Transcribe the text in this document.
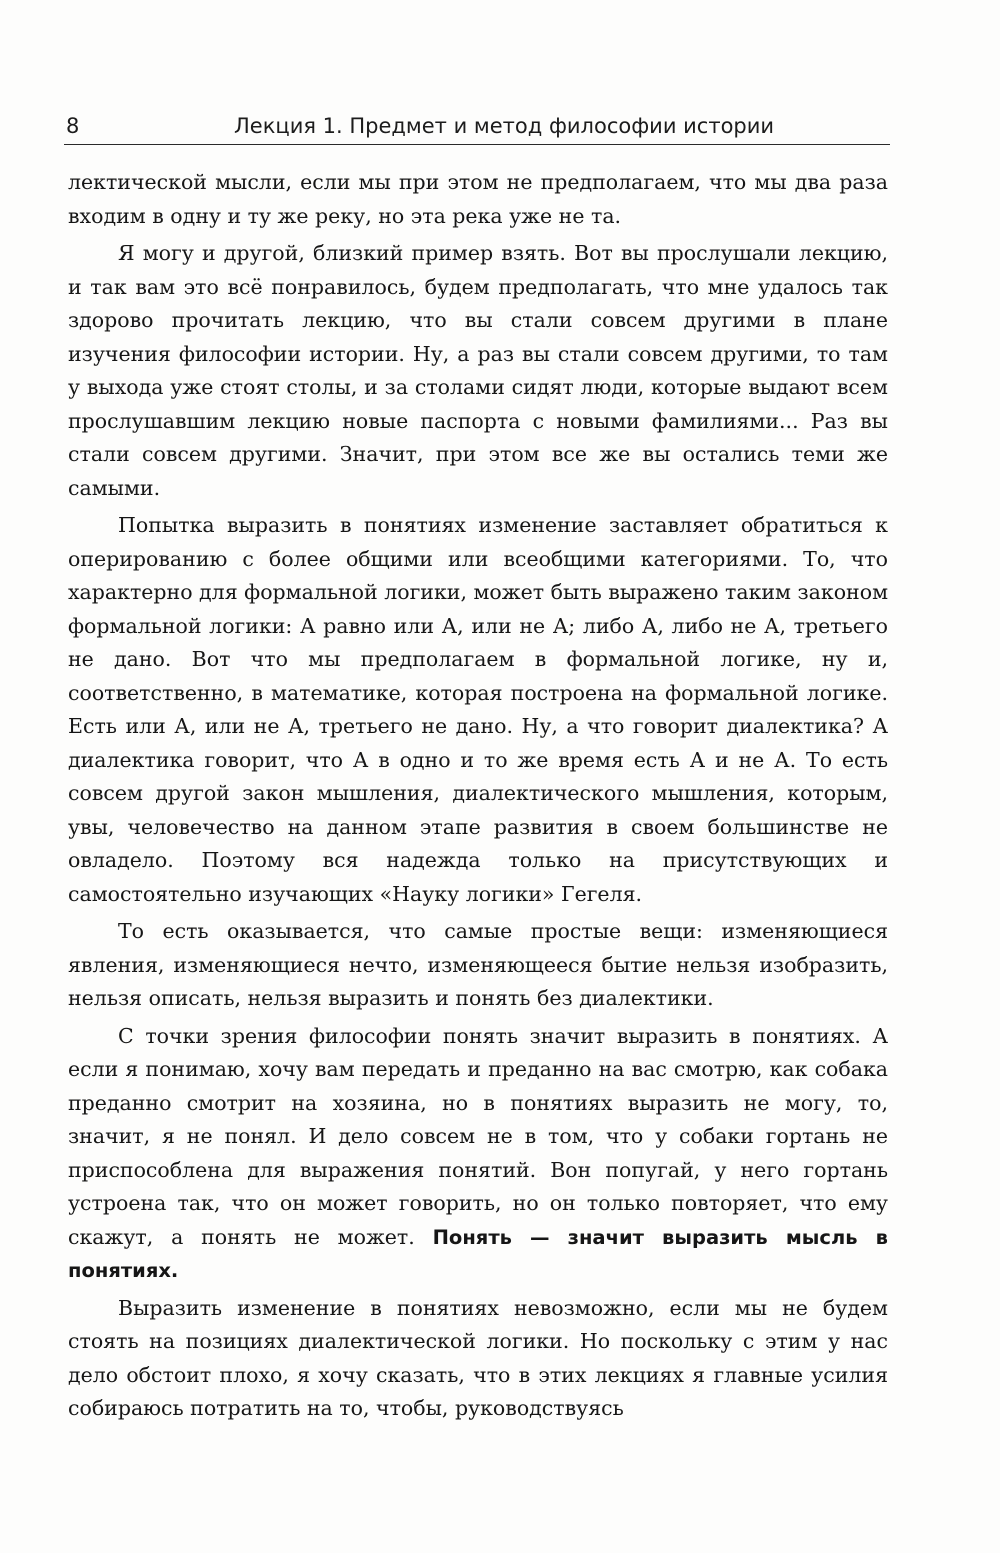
8	Лекция 1. Предмет и метод философии истории

лектической мысли, если мы при этом не предполагаем, что мы два раза входим в одну и ту же реку, но эта река уже не та.

Я могу и другой, близкий пример взять. Вот вы прослушали лекцию, и так вам это всё понравилось, будем предполагать, что мне удалось так здорово прочитать лекцию, что вы стали совсем другими в плане изучения философии истории. Ну, а раз вы стали совсем другими, то там у выхода уже стоят столы, и за столами сидят люди, которые выдают всем прослушавшим лекцию новые паспорта с новыми фамилиями... Раз вы стали совсем другими. Значит, при этом все же вы остались теми же самыми.

Попытка выразить в понятиях изменение заставляет обратиться к оперированию с более общими или всеобщими категориями. То, что характерно для формальной логики, может быть выражено таким законом формальной логики: А равно или А, или не А; либо А, либо не А, третьего не дано. Вот что мы предполагаем в формальной логике, ну и, соответственно, в математике, которая построена на формальной логике. Есть или А, или не А, третьего не дано. Ну, а что говорит диалектика? А диалектика говорит, что А в одно и то же время есть А и не А. То есть совсем другой закон мышления, диалектического мышления, которым, увы, человечество на данном этапе развития в своем большинстве не овладело. Поэтому вся надежда только на присутствующих и самостоятельно изучающих «Науку логики» Гегеля.

То есть оказывается, что самые простые вещи: изменяющиеся явления, изменяющиеся нечто, изменяющееся бытие нельзя изобразить, нельзя описать, нельзя выразить и понять без диалектики.

С точки зрения философии понять значит выразить в понятиях. А если я понимаю, хочу вам передать и преданно на вас смотрю, как собака преданно смотрит на хозяина, но в понятиях выразить не могу, то, значит, я не понял. И дело совсем не в том, что у собаки гортань не приспособлена для выражения понятий. Вон попугай, у него гортань устроена так, что он может говорить, но он только повторяет, что ему скажут, а понять не может. Понять — значит выразить мысль в понятиях.

Выразить изменение в понятиях невозможно, если мы не будем стоять на позициях диалектической логики. Но поскольку с этим у нас дело обстоит плохо, я хочу сказать, что в этих лекциях я главные усилия собираюсь потратить на то, чтобы, руководствуясь
